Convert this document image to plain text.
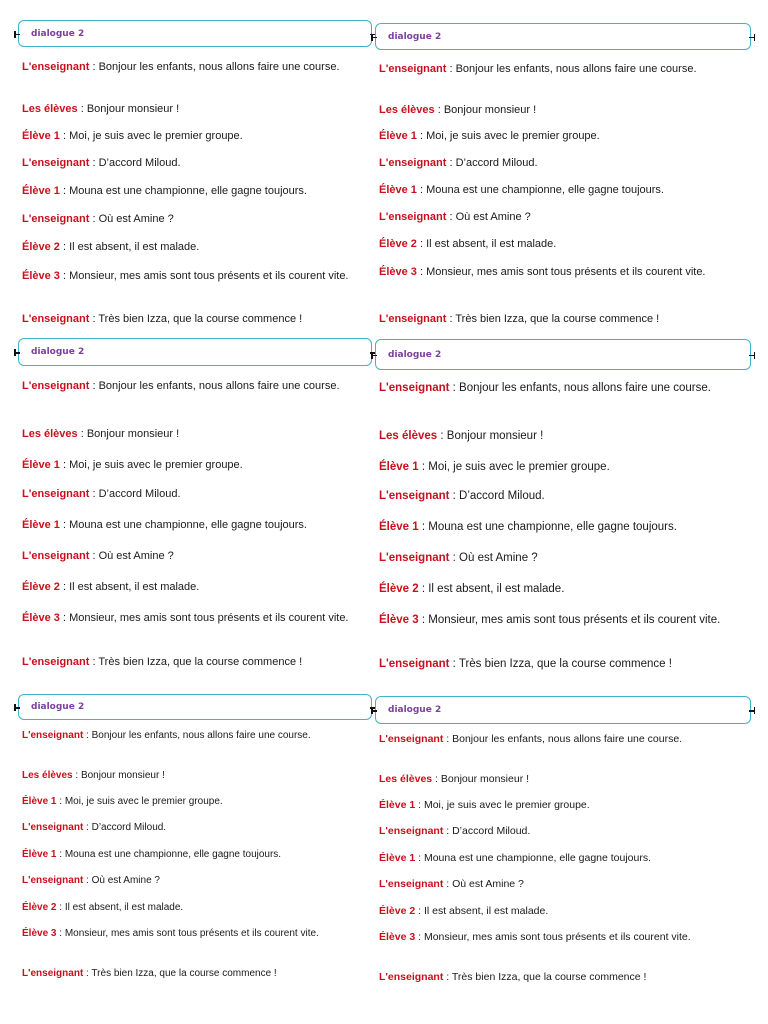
dialogue 2
L'enseignant : Bonjour les enfants, nous allons faire une course.
Les élèves : Bonjour monsieur !
Élève 1 : Moi, je suis avec le premier groupe.
L'enseignant : D’accord Miloud.
Élève 1 : Mouna est une championne, elle gagne toujours.
L'enseignant : Où est Amine ?
Élève 2 : Il est absent, il est malade.
Élève 3 : Monsieur, mes amis sont tous présents et ils courent vite.
L'enseignant : Très bien Izza, que la course commence !
dialogue 2
L'enseignant : Bonjour les enfants, nous allons faire une course.
Les élèves : Bonjour monsieur !
Élève 1 : Moi, je suis avec le premier groupe.
L'enseignant : D’accord Miloud.
Élève 1 : Mouna est une championne, elle gagne toujours.
L'enseignant : Où est Amine ?
Élève 2 : Il est absent, il est malade.
Élève 3 : Monsieur, mes amis sont tous présents et ils courent vite.
L'enseignant : Très bien Izza, que la course commence !
dialogue 2
L'enseignant : Bonjour les enfants, nous allons faire une course.
Les élèves : Bonjour monsieur !
Élève 1 : Moi, je suis avec le premier groupe.
L'enseignant : D’accord Miloud.
Élève 1 : Mouna est une championne, elle gagne toujours.
L'enseignant : Où est Amine ?
Élève 2 : Il est absent, il est malade.
Élève 3 : Monsieur, mes amis sont tous présents et ils courent vite.
L'enseignant : Très bien Izza, que la course commence !
dialogue 2
L'enseignant : Bonjour les enfants, nous allons faire une course.
Les élèves : Bonjour monsieur !
Élève 1 : Moi, je suis avec le premier groupe.
L'enseignant : D’accord Miloud.
Élève 1 : Mouna est une championne, elle gagne toujours.
L'enseignant : Où est Amine ?
Élève 2 : Il est absent, il est malade.
Élève 3 : Monsieur, mes amis sont tous présents et ils courent vite.
L'enseignant : Très bien Izza, que la course commence !
dialogue 2
L'enseignant : Bonjour les enfants, nous allons faire une course.
Les élèves : Bonjour monsieur !
Élève 1 : Moi, je suis avec le premier groupe.
L'enseignant : D’accord Miloud.
Élève 1 : Mouna est une championne, elle gagne toujours.
L'enseignant : Où est Amine ?
Élève 2 : Il est absent, il est malade.
Élève 3 : Monsieur, mes amis sont tous présents et ils courent vite.
L'enseignant : Très bien Izza, que la course commence !
dialogue 2
L'enseignant : Bonjour les enfants, nous allons faire une course.
Les élèves : Bonjour monsieur !
Élève 1 : Moi, je suis avec le premier groupe.
L'enseignant : D’accord Miloud.
Élève 1 : Mouna est une championne, elle gagne toujours.
L'enseignant : Où est Amine ?
Élève 2 : Il est absent, il est malade.
Élève 3 : Monsieur, mes amis sont tous présents et ils courent vite.
L'enseignant : Très bien Izza, que la course commence !
